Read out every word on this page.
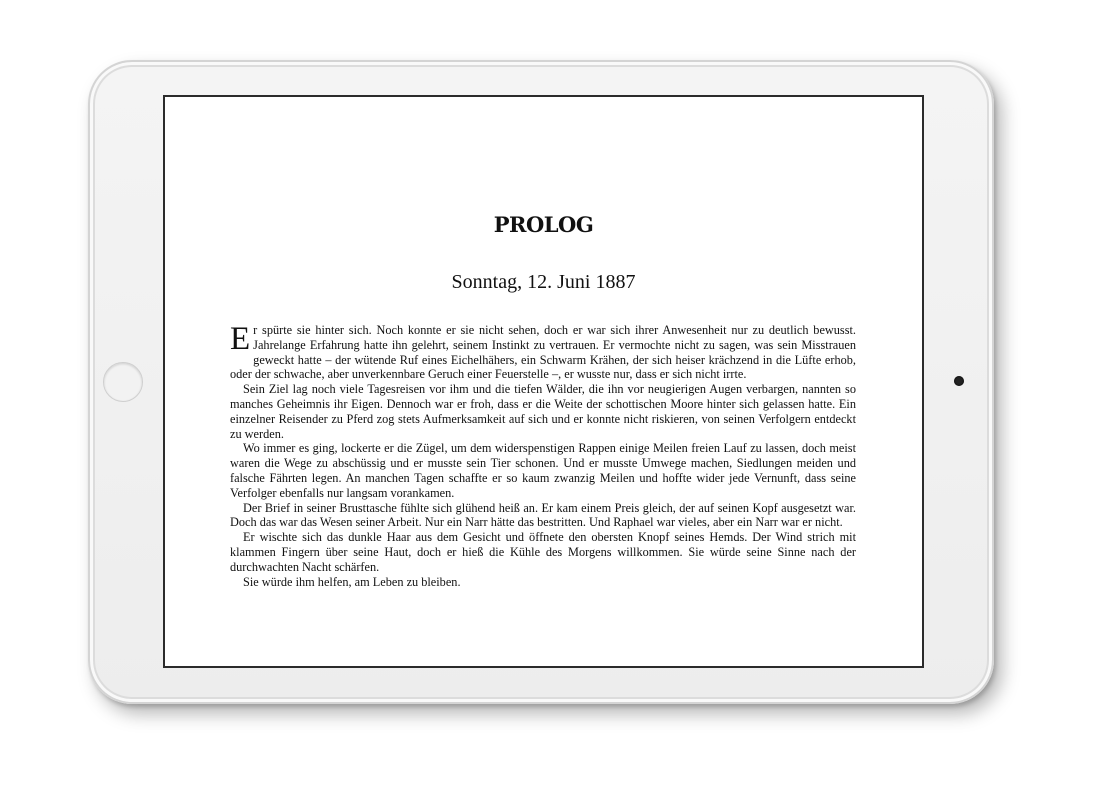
PROLOG
Sonntag, 12. Juni 1887

Er spürte sie hinter sich. Noch konnte er sie nicht sehen, doch er war sich ihrer Anwesenheit nur zu deutlich bewusst. Jahrelange Erfahrung hatte ihn gelehrt, seinem Instinkt zu vertrauen. Er vermochte nicht zu sagen, was sein Misstrauen geweckt hatte – der wütende Ruf eines Eichelhähers, ein Schwarm Krähen, der sich heiser krächzend in die Lüfte erhob, oder der schwache, aber unverkennbare Geruch einer Feuerstelle –, er wusste nur, dass er sich nicht irrte.

Sein Ziel lag noch viele Tagesreisen vor ihm und die tiefen Wälder, die ihn vor neugierigen Augen verbargen, nannten so manches Geheimnis ihr Eigen. Dennoch war er froh, dass er die Weite der schottischen Moore hinter sich gelassen hatte. Ein einzelner Reisender zu Pferd zog stets Aufmerksamkeit auf sich und er konnte nicht riskieren, von seinen Verfolgern entdeckt zu werden.

Wo immer es ging, lockerte er die Zügel, um dem widerspenstigen Rappen einige Meilen freien Lauf zu lassen, doch meist waren die Wege zu abschüssig und er musste sein Tier schonen. Und er musste Umwege machen, Siedlungen meiden und falsche Fährten legen. An manchen Tagen schaffte er so kaum zwanzig Meilen und hoffte wider jede Vernunft, dass seine Verfolger ebenfalls nur langsam vorankamen.

Der Brief in seiner Brusttasche fühlte sich glühend heiß an. Er kam einem Preis gleich, der auf seinen Kopf ausgesetzt war. Doch das war das Wesen seiner Arbeit. Nur ein Narr hätte das bestritten. Und Raphael war vieles, aber ein Narr war er nicht.

Er wischte sich das dunkle Haar aus dem Gesicht und öffnete den obersten Knopf seines Hemds. Der Wind strich mit klammen Fingern über seine Haut, doch er hieß die Kühle des Morgens willkommen. Sie würde seine Sinne nach der durchwachten Nacht schärfen.

Sie würde ihm helfen, am Leben zu bleiben.
